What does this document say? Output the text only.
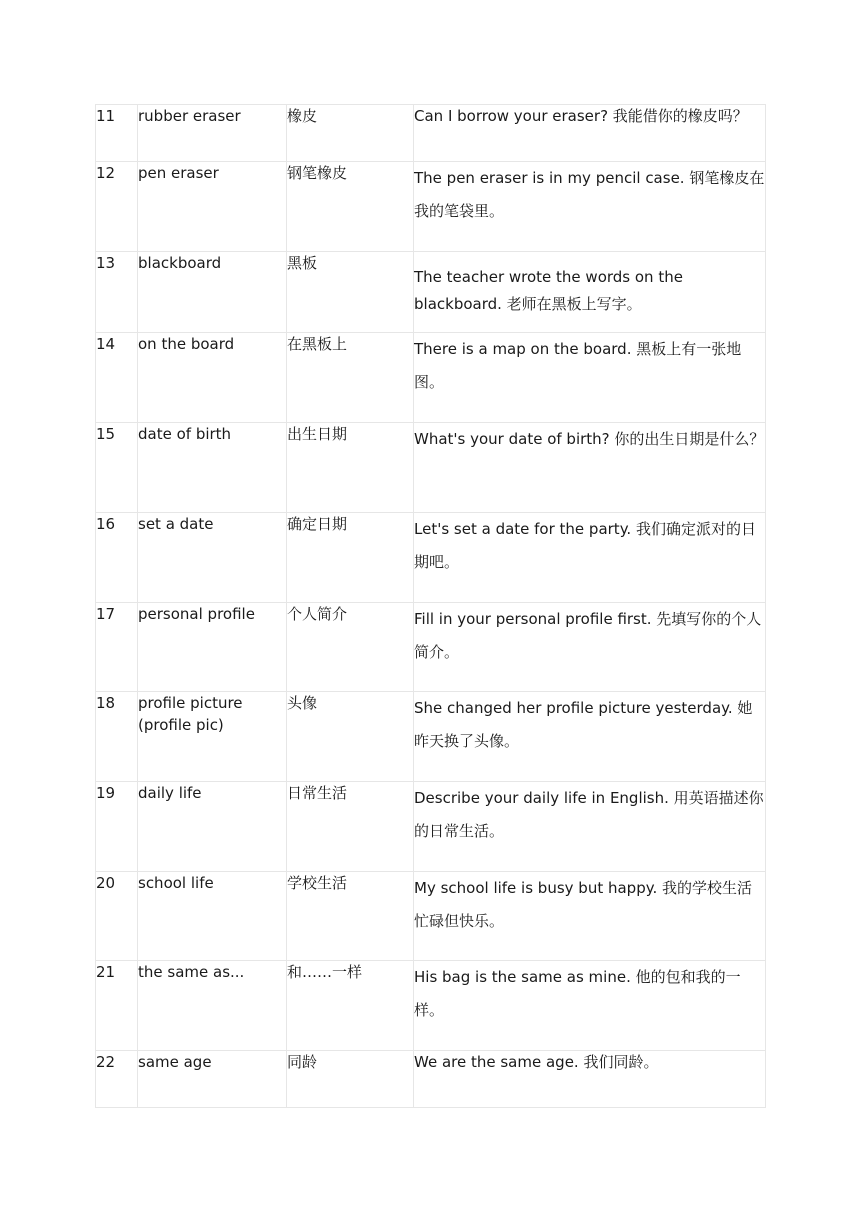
11	rubber eraser	橡皮	Can I borrow your eraser? 我能借你的橡皮吗？
12	pen eraser	钢笔橡皮	The pen eraser is in my pencil case. 钢笔橡皮在我的笔袋里。
13	blackboard	黑板	The teacher wrote the words on the blackboard. 老师在黑板上写字。
14	on the board	在黑板上	There is a map on the board. 黑板上有一张地图。
15	date of birth	出生日期	What's your date of birth? 你的出生日期是什么？
16	set a date	确定日期	Let's set a date for the party. 我们确定派对的日期吧。
17	personal profile	个人简介	Fill in your personal profile first. 先填写你的个人简介。
18	profile picture (profile pic)	头像	She changed her profile picture yesterday. 她昨天换了头像。
19	daily life	日常生活	Describe your daily life in English. 用英语描述你的日常生活。
20	school life	学校生活	My school life is busy but happy. 我的学校生活忙碌但快乐。
21	the same as...	和……一样	His bag is the same as mine. 他的包和我的一样。
22	same age	同龄	We are the same age. 我们同龄。
